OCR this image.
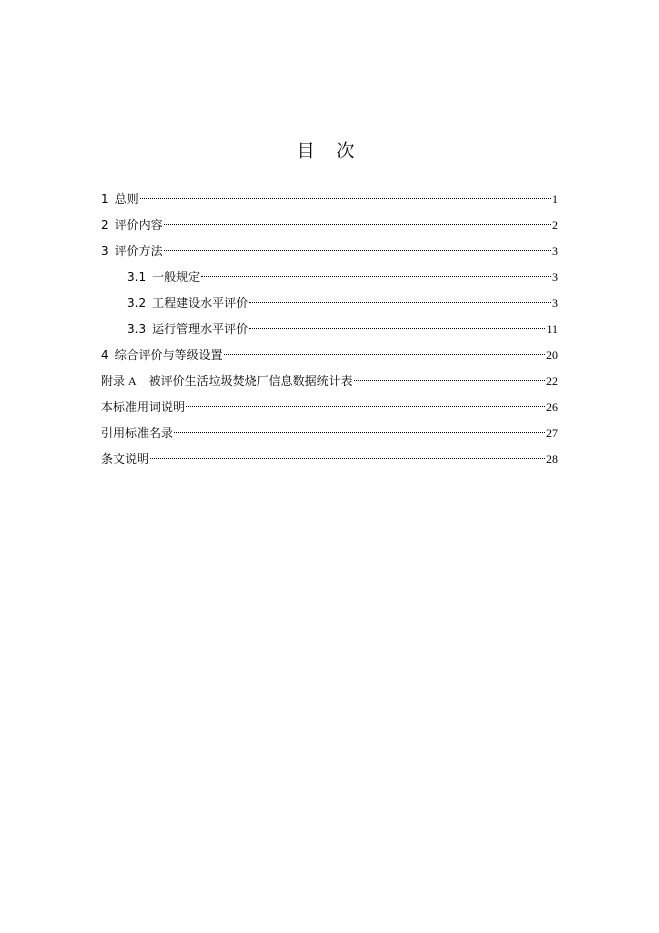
目 次
1 总则	1
2 评价内容	2
3 评价方法	3
3.1 一般规定	3
3.2 工程建设水平评价	3
3.3 运行管理水平评价	11
4 综合评价与等级设置	20
附录 A 被评价生活垃圾焚烧厂信息数据统计表	22
本标准用词说明	26
引用标准名录	27
条文说明	28
